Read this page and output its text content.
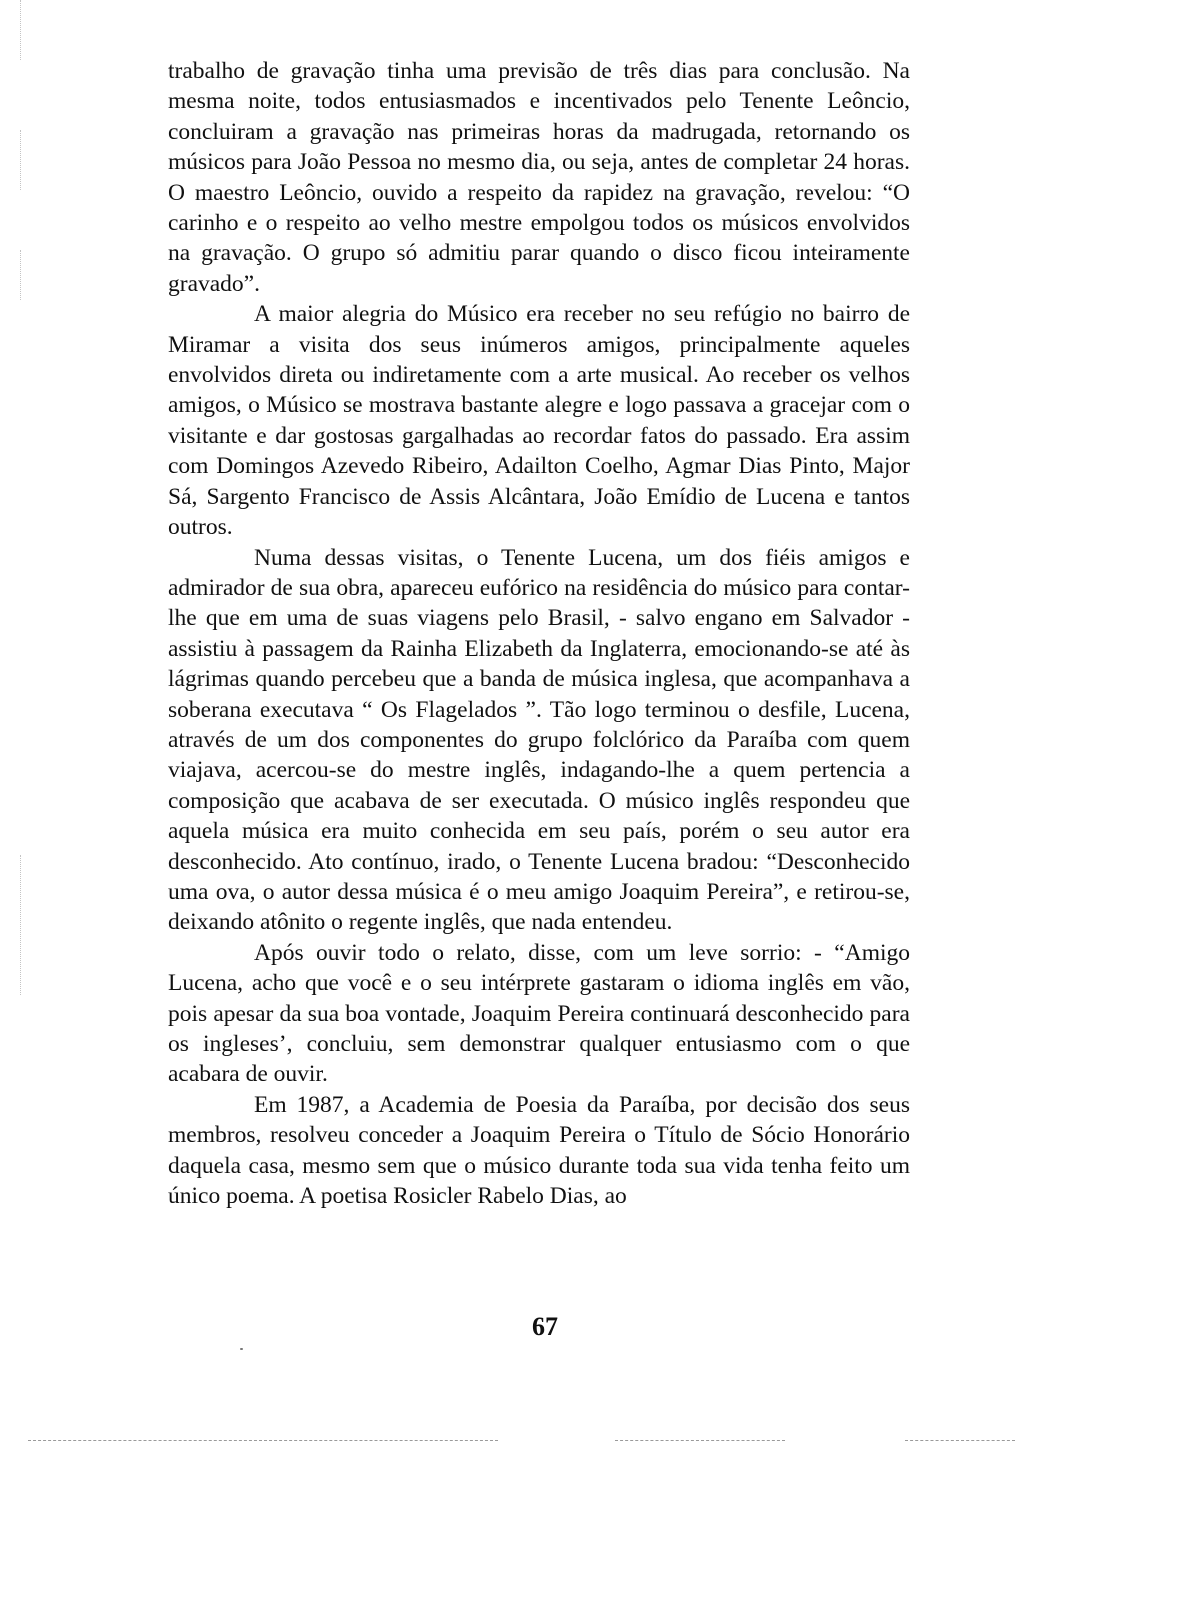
trabalho de gravação tinha uma previsão de três dias para conclusão. Na mesma noite, todos entusiasmados e incentivados pelo Tenente Leôncio, concluiram a gravação nas primeiras horas da madrugada, retornando os músicos para João Pessoa no mesmo dia, ou seja, antes de completar 24 horas. O maestro Leôncio, ouvido a respeito da rapidez na gravação, revelou: “O carinho e o respeito ao velho mestre empolgou todos os músicos envolvidos na gravação. O grupo só admitiu parar quando o disco ficou inteiramente gravado”.

A maior alegria do Músico era receber no seu refúgio no bairro de Miramar a visita dos seus inúmeros amigos, principalmente aqueles envolvidos direta ou indiretamente com a arte musical. Ao receber os velhos amigos, o Músico se mostrava bastante alegre e logo passava a gracejar com o visitante e dar gostosas gargalhadas ao recordar fatos do passado. Era assim com Domingos Azevedo Ribeiro, Adailton Coelho, Agmar Dias Pinto, Major Sá, Sargento Francisco de Assis Alcântara, João Emídio de Lucena e tantos outros.

Numa dessas visitas, o Tenente Lucena, um dos fiéis amigos e admirador de sua obra, apareceu eufórico na residência do músico para contar-lhe que em uma de suas viagens pelo Brasil, - salvo engano em Salvador - assistiu à passagem da Rainha Elizabeth da Inglaterra, emocionando-se até às lágrimas quando percebeu que a banda de música inglesa, que acompanhava a soberana executava “ Os Flagelados ”. Tão logo terminou o desfile, Lucena, através de um dos componentes do grupo folclórico da Paraíba com quem viajava, acercou-se do mestre inglês, indagando-lhe a quem pertencia a composição que acabava de ser executada. O músico inglês respondeu que aquela música era muito conhecida em seu país, porém o seu autor era desconhecido. Ato contínuo, irado, o Tenente Lucena bradou: “Desconhecido uma ova, o autor dessa música é o meu amigo Joaquim Pereira”, e retirou-se, deixando atônito o regente inglês, que nada entendeu.

Após ouvir todo o relato, disse, com um leve sorrio: - “Amigo Lucena, acho que você e o seu intérprete gastaram o idioma inglês em vão, pois apesar da sua boa vontade, Joaquim Pereira continuará desconhecido para os ingleses’, concluiu, sem demonstrar qualquer entusiasmo com o que acabara de ouvir.

Em 1987, a Academia de Poesia da Paraíba, por decisão dos seus membros, resolveu conceder a Joaquim Pereira o Título de Sócio Honorário daquela casa, mesmo sem que o músico durante toda sua vida tenha feito um único poema. A poetisa Rosicler Rabelo Dias, ao

67
